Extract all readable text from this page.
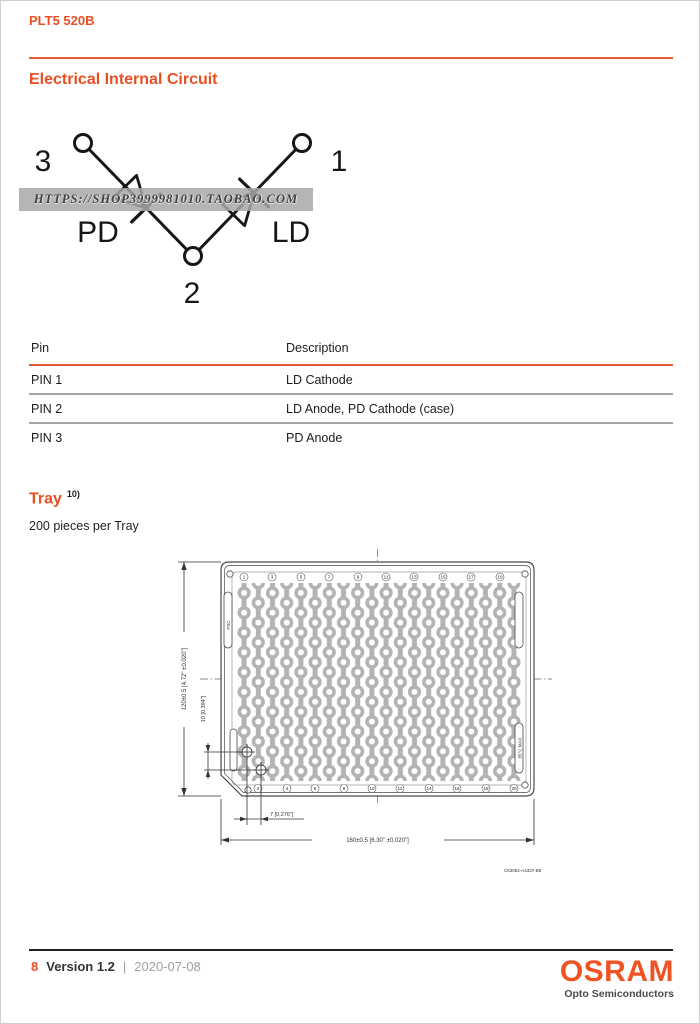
PLT5 520B
Electrical Internal Circuit
3	1
2
PD	LD
HTTPS://SHOP3999981010.TAOBAO.COM
Pin	Description
PIN 1	LD Cathode
PIN 2	LD Anode, PD Cathode (case)
PIN 3	PD Anode
Tray $^{10)}$
200 pieces per Tray
PSC
85°C MAX
1	3	5	7	9	11	13	15	17	19
2	4	6	8	10	12	14	16	18	20
120±0.5 [4.72" ±0.020"] 10 [0.394"]
7 [0.276"]
160±0.5 [6.30" ±0.020"]
C63062-A4337-B9
8 Version 1.2 | 2020-07-08	OSRAM
Opto Semiconductors
